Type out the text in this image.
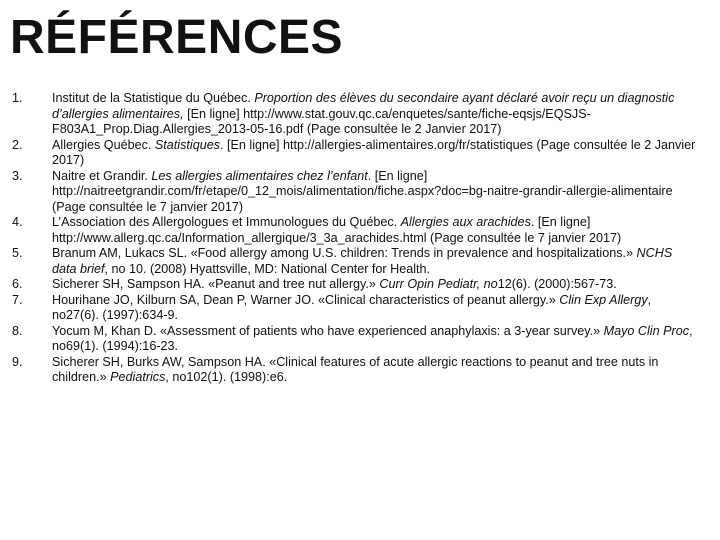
RÉFÉRENCES
1.	Institut de la Statistique du Québec. Proportion des élèves du secondaire ayant déclaré avoir reçu un diagnostic d’allergies alimentaires, [En ligne] http://www.stat.gouv.qc.ca/enquetes/sante/fiche-eqsjs/EQSJS-F803A1_Prop.Diag.Allergies_2013-05-16.pdf (Page consultée le 2 Janvier 2017)
2.	Allergies Québec. Statistiques. [En ligne] http://allergies-alimentaires.org/fr/statistiques (Page consultée le 2 Janvier 2017)
3.	Naitre et Grandir. Les allergies alimentaires chez l’enfant. [En ligne] http://naitreetgrandir.com/fr/etape/0_12_mois/alimentation/fiche.aspx?doc=bg-naitre-grandir-allergie-alimentaire (Page consultée le 7 janvier 2017)
4.	L’Association des Allergologues et Immunologues du Québec. Allergies aux arachides. [En ligne] http://www.allerg.qc.ca/Information_allergique/3_3a_arachides.html (Page consultée le 7 janvier 2017)
5.	Branum AM, Lukacs SL. «Food allergy among U.S. children: Trends in prevalence and hospitalizations.» NCHS data brief, no 10. (2008) Hyattsville, MD: National Center for Health.
6.	Sicherer SH, Sampson HA. «Peanut and tree nut allergy.» Curr Opin Pediatr, no12(6). (2000):567-73.
7.	Hourihane JO, Kilburn SA, Dean P, Warner JO. «Clinical characteristics of peanut allergy.» Clin Exp Allergy, no27(6). (1997):634-9.
8.	Yocum M, Khan D. «Assessment of patients who have experienced anaphylaxis: a 3-year survey.» Mayo Clin Proc, no69(1). (1994):16-23.
9.	Sicherer SH, Burks AW, Sampson HA. «Clinical features of acute allergic reactions to peanut and tree nuts in children.» Pediatrics, no102(1). (1998):e6.
